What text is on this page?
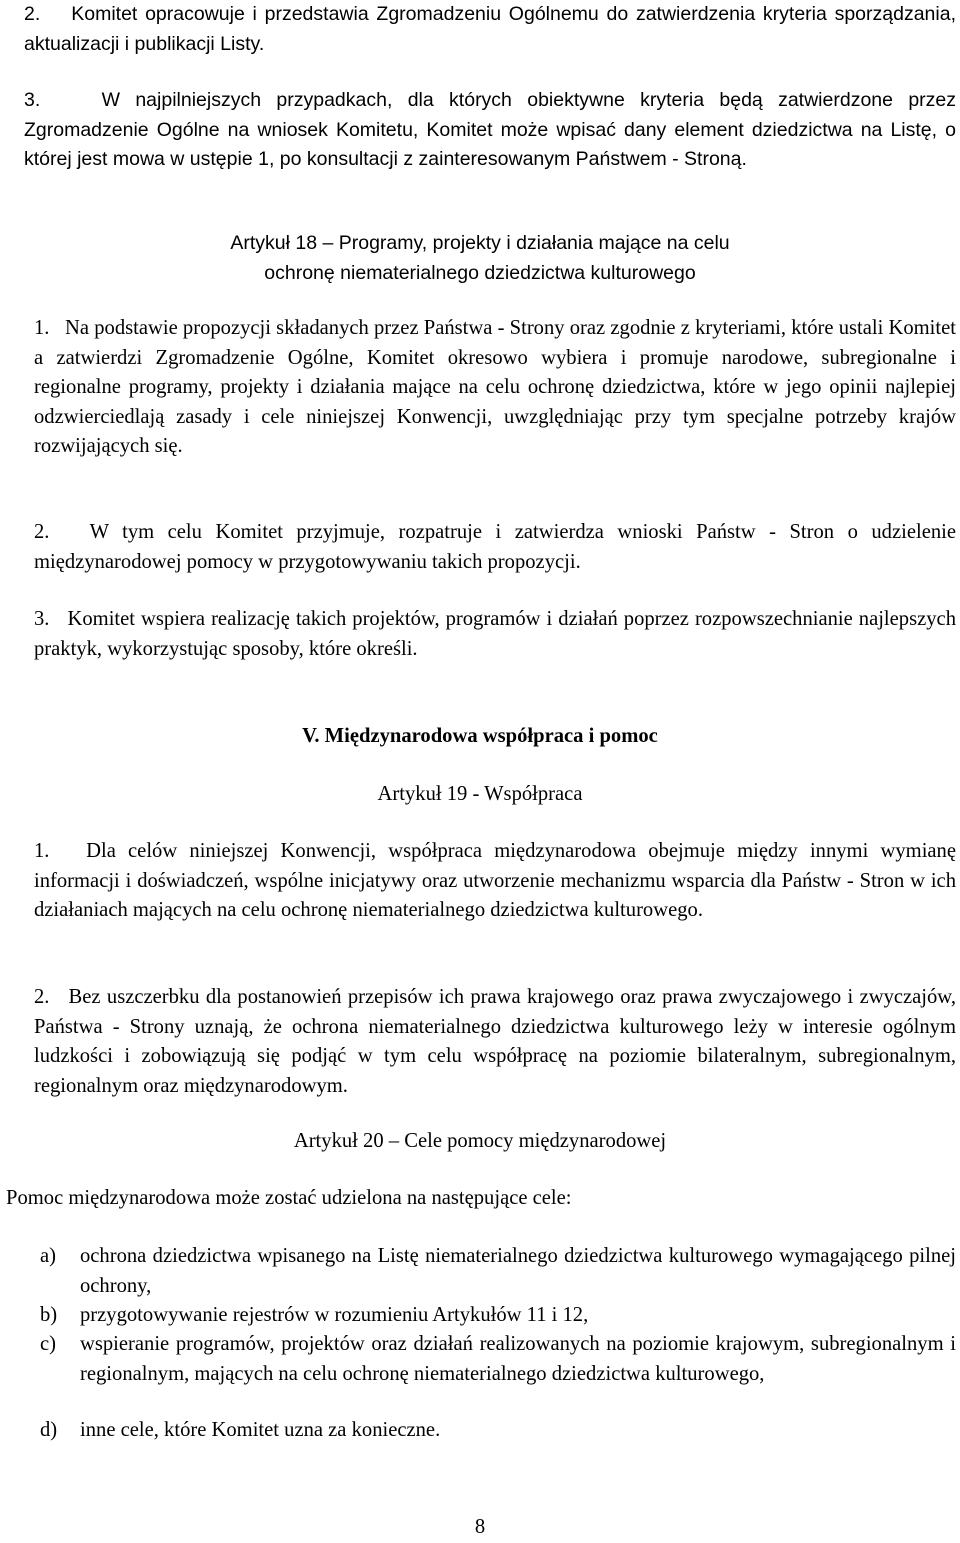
2. Komitet opracowuje i przedstawia Zgromadzeniu Ogólnemu do zatwierdzenia kryteria sporządzania, aktualizacji i publikacji Listy.
3.	W najpilniejszych przypadkach, dla których obiektywne kryteria będą zatwierdzone przez Zgromadzenie Ogólne na wniosek Komitetu, Komitet może wpisać dany element dziedzictwa na Listę, o której jest mowa w ustępie 1, po konsultacji z zainteresowanym Państwem - Stroną.
Artykuł 18 – Programy, projekty i działania mające na celu
ochronę niematerialnego dziedzictwa kulturowego
1. Na podstawie propozycji składanych przez Państwa - Strony oraz zgodnie z kryteriami, które ustali Komitet a zatwierdzi Zgromadzenie Ogólne, Komitet okresowo wybiera i promuje narodowe, subregionalne i regionalne programy, projekty i działania mające na celu ochronę dziedzictwa, które w jego opinii najlepiej odzwierciedlają zasady i cele niniejszej Konwencji, uwzględniając przy tym specjalne potrzeby krajów rozwijających się.
2. W tym celu Komitet przyjmuje, rozpatruje i zatwierdza wnioski Państw - Stron o udzielenie międzynarodowej pomocy w przygotowywaniu takich propozycji.
3. Komitet wspiera realizację takich projektów, programów i działań poprzez rozpowszechnianie najlepszych praktyk, wykorzystując sposoby, które określi.
V. Międzynarodowa współpraca i pomoc
Artykuł 19 - Współpraca
1. Dla celów niniejszej Konwencji, współpraca międzynarodowa obejmuje między innymi wymianę informacji i doświadczeń, wspólne inicjatywy oraz utworzenie mechanizmu wsparcia dla Państw - Stron w ich działaniach mających na celu ochronę niematerialnego dziedzictwa kulturowego.
2. Bez uszczerbku dla postanowień przepisów ich prawa krajowego oraz prawa zwyczajowego i zwyczajów, Państwa - Strony uznają, że ochrona niematerialnego dziedzictwa kulturowego leży w interesie ogólnym ludzkości i zobowiązują się podjąć w tym celu współpracę na poziomie bilateralnym, subregionalnym, regionalnym oraz międzynarodowym.
Artykuł 20 – Cele pomocy międzynarodowej
Pomoc międzynarodowa może zostać udzielona na następujące cele:
a) ochrona dziedzictwa wpisanego na Listę niematerialnego dziedzictwa kulturowego wymagającego pilnej ochrony,
b) przygotowywanie rejestrów w rozumieniu Artykułów 11 i 12,
c) wspieranie programów, projektów oraz działań realizowanych na poziomie krajowym, subregionalnym i regionalnym, mających na celu ochronę niematerialnego dziedzictwa kulturowego,
d) inne cele, które Komitet uzna za konieczne.
8
